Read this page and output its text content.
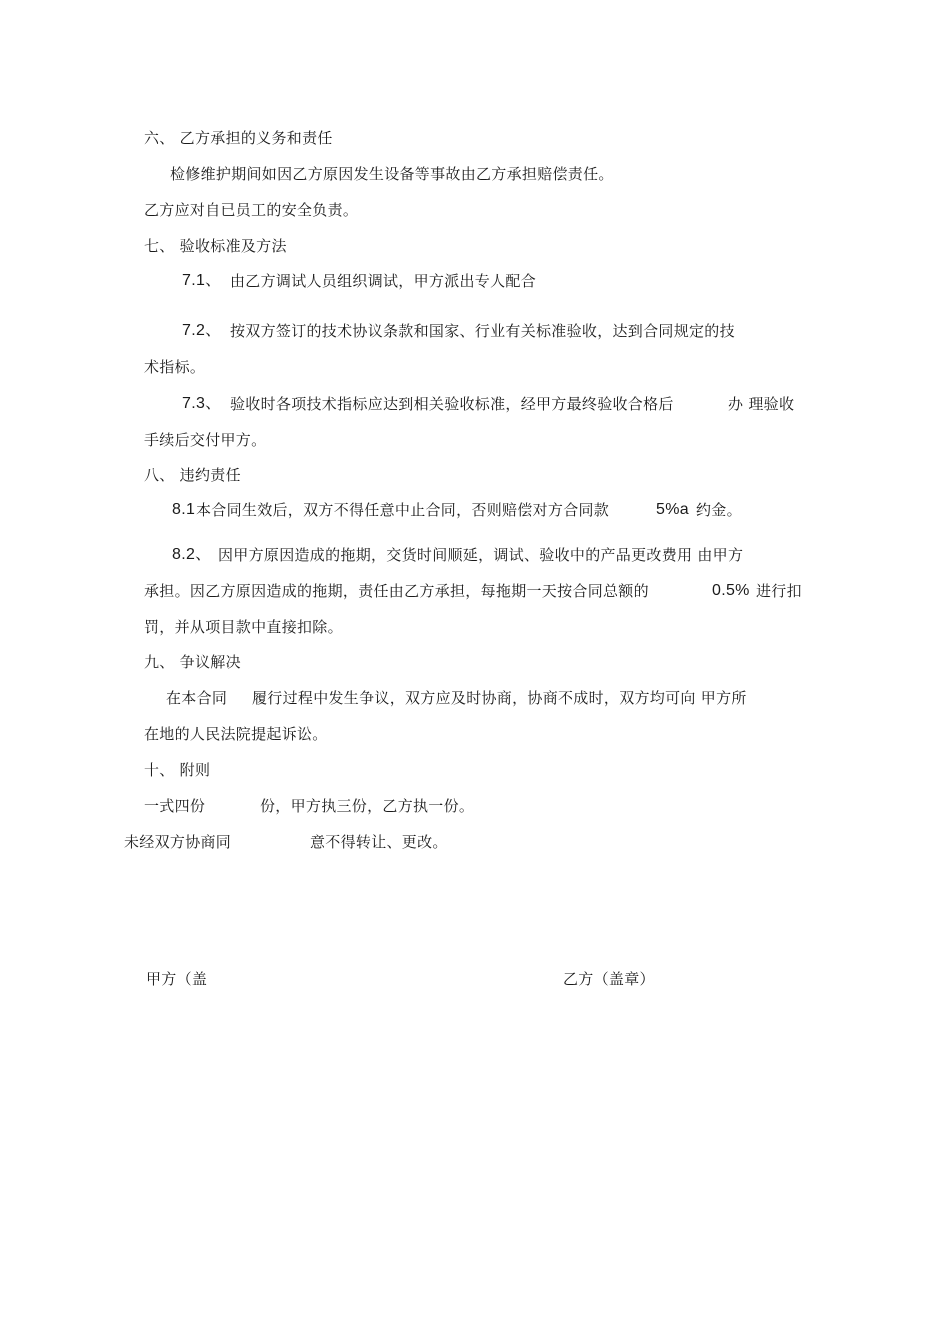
六、 乙方承担的义务和责任
检修维护期间如因乙方原因发生设备等事故由乙方承担赔偿责任。
乙方应对自已员工的安全负责。
七、 验收标准及方法
7.1、 由乙方调试人员组织调试，甲方派出专人配合
7.2、 按双方签订的技术协议条款和国家、行业有关标准验收，达到合同规定的技
术指标。
7.3、 验收时各项技术指标应达到相关验收标准，经甲方最终验收合格后	办 理验收
手续后交付甲方。
八、 违约责任
8.1 本合同生效后，双方不得任意中止合同，否则赔偿对方合同款	5%a 约金。
8.2、 因甲方原因造成的拖期，交货时间顺延，调试、验收中的产品更改费用 由甲方
承担。因乙方原因造成的拖期，责任由乙方承担，每拖期一天按合同总额的	0.5% 进行扣
罚，并从项目款中直接扣除。
九、 争议解决
在本合同 履行过程中发生争议，双方应及时协商，协商不成时，双方均可向 甲方所
在地的人民法院提起诉讼。
十、 附则
一式四份	份，甲方执三份，乙方执一份。
未经双方协商同	意不得转让、更改。
甲方（盖	乙方（盖章）
